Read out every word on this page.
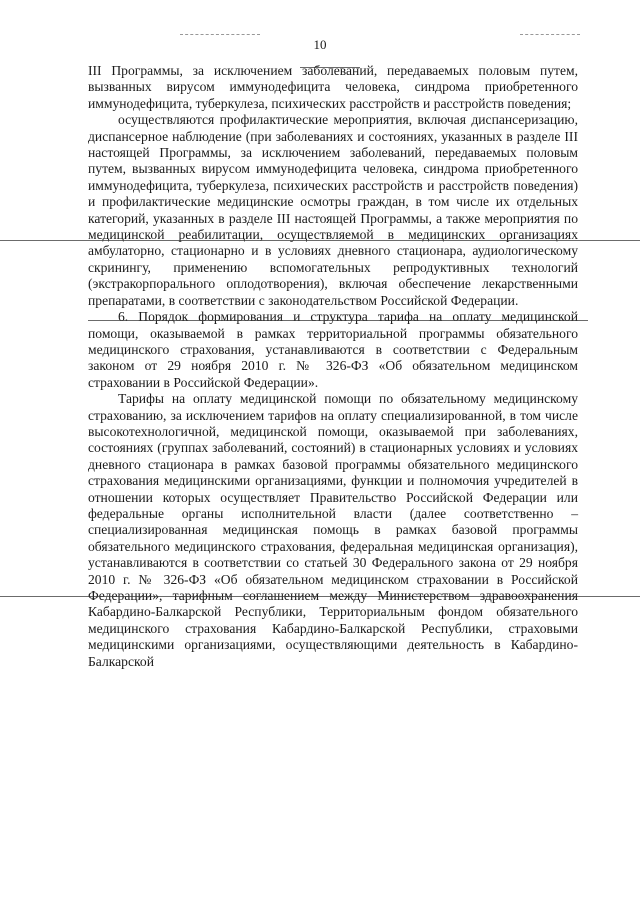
10

III Программы, за исключением заболеваний, передаваемых половым путем, вызванных вирусом иммунодефицита человека, синдрома приобретенного иммунодефицита, туберкулеза, психических расстройств и расстройств поведения;

осуществляются профилактические мероприятия, включая диспансеризацию, диспансерное наблюдение (при заболеваниях и состояниях, указанных в разделе III настоящей Программы, за исключением заболеваний, передаваемых половым путем, вызванных вирусом иммунодефицита человека, синдрома приобретенного иммунодефицита, туберкулеза, психических расстройств и расстройств поведения) и профилактические медицинские осмотры граждан, в том числе их отдельных категорий, указанных в разделе III настоящей Программы, а также мероприятия по медицинской реабилитации, осуществляемой в медицинских организациях амбулаторно, стационарно и в условиях дневного стационара, аудиологическому скринингу, применению вспомогательных репродуктивных технологий (экстракорпорального оплодотворения), включая обеспечение лекарственными препаратами, в соответствии с законодательством Российской Федерации.

6. Порядок формирования и структура тарифа на оплату медицинской помощи, оказываемой в рамках территориальной программы обязательного медицинского страхования, устанавливаются в соответствии с Федеральным законом от 29 ноября 2010 г. № 326-ФЗ «Об обязательном медицинском страховании в Российской Федерации».

Тарифы на оплату медицинской помощи по обязательному медицинскому страхованию, за исключением тарифов на оплату специализированной, в том числе высокотехнологичной, медицинской помощи, оказываемой при заболеваниях, состояниях (группах заболеваний, состояний) в стационарных условиях и условиях дневного стационара в рамках базовой программы обязательного медицинского страхования медицинскими организациями, функции и полномочия учредителей в отношении которых осуществляет Правительство Российской Федерации или федеральные органы исполнительной власти (далее соответственно – специализированная медицинская помощь в рамках базовой программы обязательного медицинского страхования, федеральная медицинская организация), устанавливаются в соответствии со статьей 30 Федерального закона от 29 ноября 2010 г. № 326-ФЗ «Об обязательном медицинском страховании в Российской Федерации», тарифным соглашением между Министерством здравоохранения Кабардино-Балкарской Республики, Территориальным фондом обязательного медицинского страхования Кабардино-Балкарской Республики, страховыми медицинскими организациями, осуществляющими деятельность в Кабардино-Балкарской
